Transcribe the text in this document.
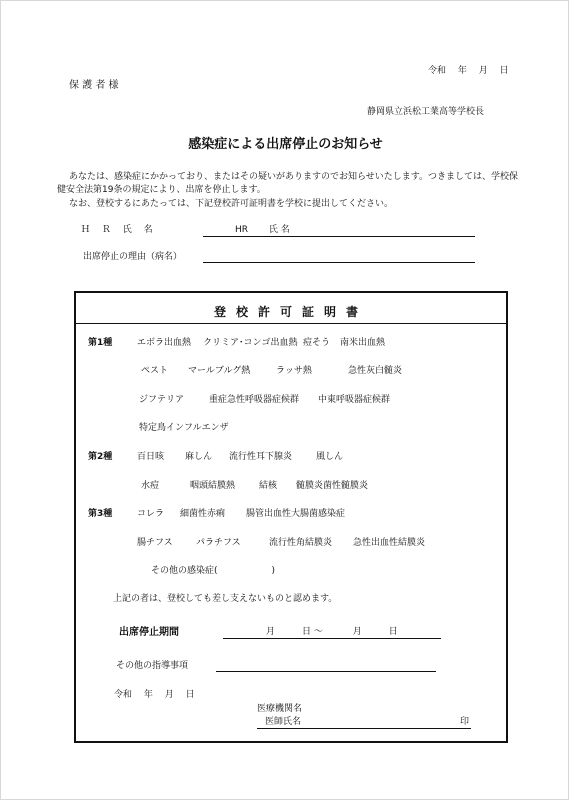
令和　 年　 月　 日
保 護 者 様
静岡県立浜松工業高等学校長
感染症による出席停止のお知らせ
あなたは、感染症にかかっており、またはその疑いがありますのでお知らせいたします。つきましては、学校保
健安全法第19条の規定により、出席を停止します。
なお、登校するにあたっては、下記登校許可証明書を学校に提出してください。
Ｈ　 Ｒ　 氏　 名	HR　　 氏 名
出席停止の理由（病名）
登校許可証明書
第1種	エボラ出血熱 クリミア･コンゴ出血熱 痘そう 南米出血熱
ペスト マールブルグ熱	ラッサ熱	急性灰白髄炎
ジフテリア	重症急性呼吸器症候群 中東呼吸器症候群
特定鳥インフルエンザ
第2種	百日咳 麻しん 流行性耳下腺炎	風しん
水痘	咽頭結膜熱	結核 髄膜炎菌性髄膜炎
第3種	コレラ 細菌性赤痢 腸管出血性大腸菌感染症
腸チフス	パラチフス	流行性角結膜炎 急性出血性結膜炎
その他の感染症(　　　　　　)
上記の者は、登校しても差し支えないものと認めます。
出席停止期間	月　　　日 ～　　　 月　　　日
その他の指導事項
令和　 年　 月　 日
医療機関名
医師氏名	印
